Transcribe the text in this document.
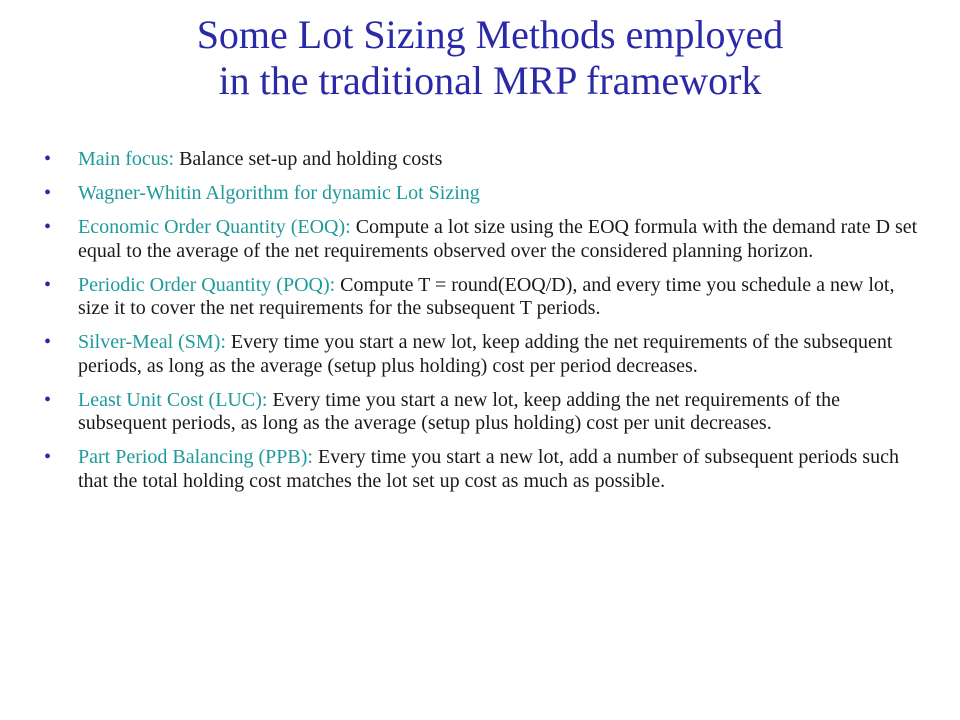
Some Lot Sizing Methods employed
in the traditional MRP framework
• Main focus: Balance set-up and holding costs
• Wagner-Whitin Algorithm for dynamic Lot Sizing
• Economic Order Quantity (EOQ): Compute a lot size using the EOQ formula with the demand rate D set equal to the average of the net requirements observed over the considered planning horizon.
• Periodic Order Quantity (POQ): Compute T = round(EOQ/D), and every time you schedule a new lot, size it to cover the net requirements for the subsequent T periods.
• Silver-Meal (SM): Every time you start a new lot, keep adding the net requirements of the subsequent periods, as long as the average (setup plus holding) cost per period decreases.
• Least Unit Cost (LUC): Every time you start a new lot, keep adding the net requirements of the subsequent periods, as long as the average (setup plus holding) cost per unit decreases.
• Part Period Balancing (PPB): Every time you start a new lot, add a number of subsequent periods such that the total holding cost matches the lot set up cost as much as possible.
